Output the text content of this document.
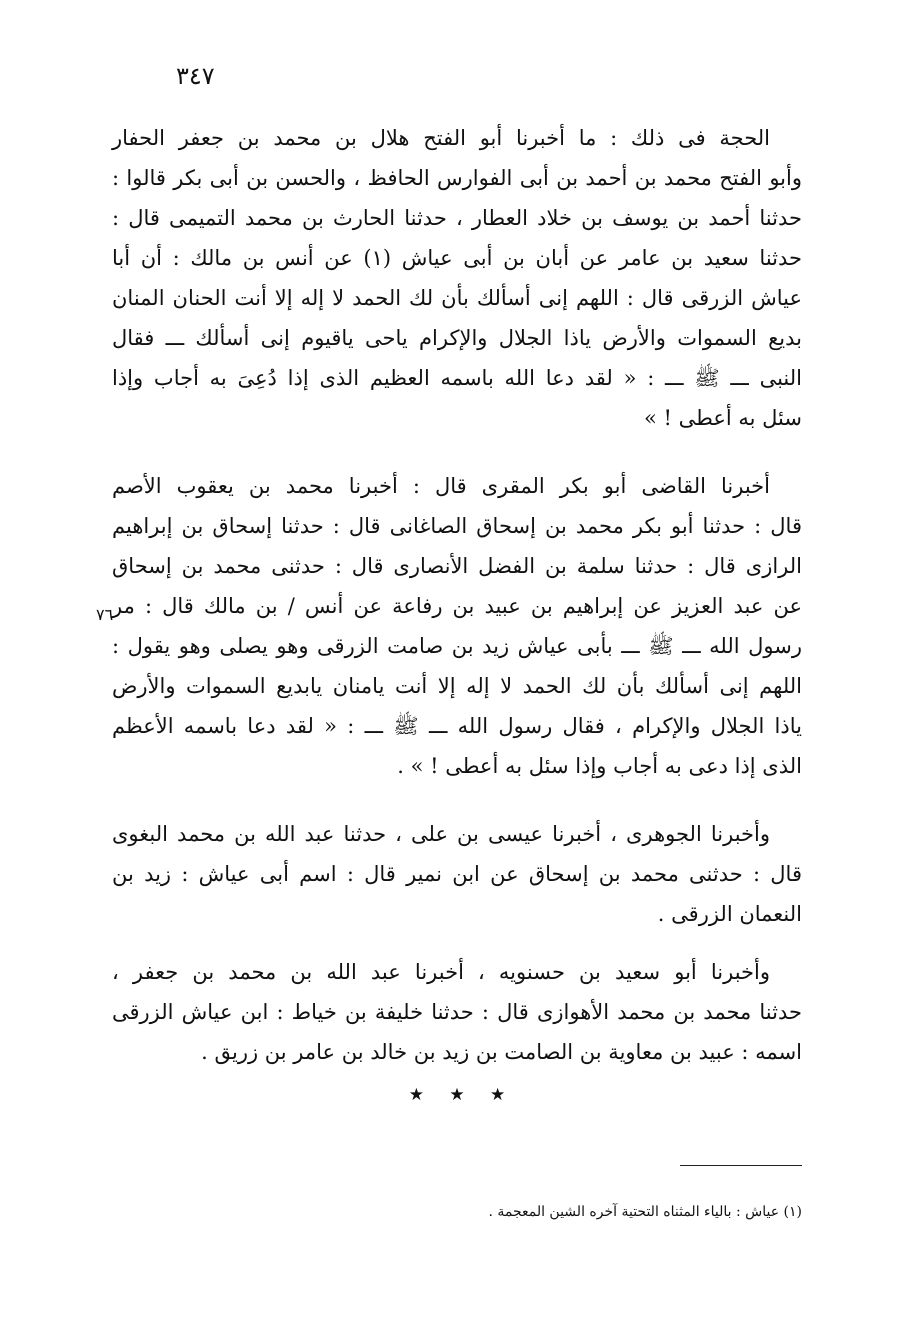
٣٤٧
الحجة فى ذلك : ما أخبرنا أبو الفتح هلال بن محمد بن جعفر الحفار
وأبو الفتح محمد بن أحمد بن أبى الفوارس الحافظ ، والحسن بن أبى بكر قالوا :
حدثنا أحمد بن يوسف بن خلاد العطار ، حدثنا الحارث بن محمد التميمى قال :
حدثنا سعيد بن عامر عن أبان بن أبى عياش (١) عن أنس بن مالك : أن أبا
عياش الزرقى قال : اللهم إنى أسألك بأن لك الحمد لا إله إلا أنت الحنان المنان
بديع السموات والأرض ياذا الجلال والإكرام ياحى ياقيوم إنى أسألك ـــ فقال
النبى ـــ ﷺ ـــ : « لقد دعا الله باسمه العظيم الذى إذا دُعِىَ به أجاب وإذا
سئل به أعطى ! »
أخبرنا القاضى أبو بكر المقرى قال : أخبرنا محمد بن يعقوب الأصم
قال : حدثنا أبو بكر محمد بن إسحاق الصاغانى قال : حدثنا إسحاق بن إبراهيم
الرازى قال : حدثنا سلمة بن الفضل الأنصارى قال : حدثنى محمد بن إسحاق
عن عبد العزيز عن إبراهيم بن عبيد بن رفاعة عن أنس / بن مالك قال : مر
رسول الله ـــ ﷺ ـــ بأبى عياش زيد بن صامت الزرقى وهو يصلى وهو يقول :
اللهم إنى أسألك بأن لك الحمد لا إله إلا أنت يامنان يابديع السموات والأرض
ياذا الجلال والإكرام ، فقال رسول الله ـــ ﷺ ـــ : « لقد دعا باسمه الأعظم
الذى إذا دعى به أجاب وإذا سئل به أعطى ! » .
٧٦
وأخبرنا الجوهرى ، أخبرنا عيسى بن على ، حدثنا عبد الله بن محمد البغوى
قال : حدثنى محمد بن إسحاق عن ابن نمير قال : اسم أبى عياش : زيد بن
النعمان الزرقى .
وأخبرنا أبو سعيد بن حسنويه ، أخبرنا عبد الله بن محمد بن جعفر ،
حدثنا محمد بن محمد الأهوازى قال : حدثنا خليفة بن خياط : ابن عياش الزرقى
اسمه : عبيد بن معاوية بن الصامت بن زيد بن خالد بن عامر بن زريق .
★ ★ ★
(١) عياش : بالياء المثناه التحتية آخره الشين المعجمة .
